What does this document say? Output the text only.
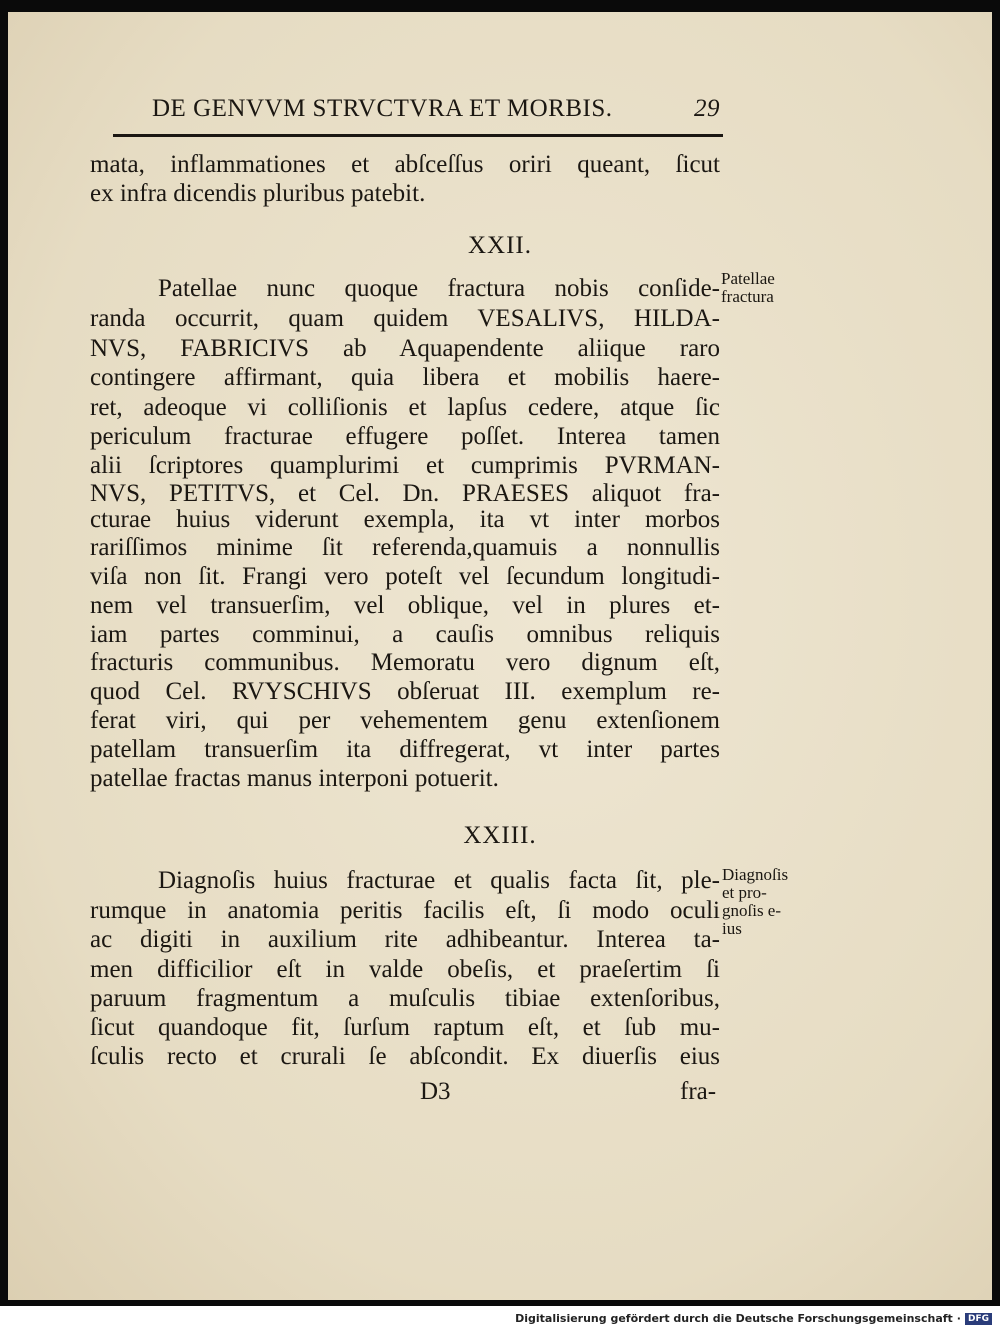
DE GENVVM STRVCTVRA ET MORBIS.	29
mata, inflammationes et abſceſſus oriri queant, ſicut
ex infra dicendis pluribus patebit.
XXII.
Patellae nunc quoque fractura nobis conſide-
randa occurrit, quam quidem VESALIVS, HILDA-
NVS, FABRICIVS ab Aquapendente aliique raro
contingere affirmant, quia libera et mobilis haere-
ret, adeoque vi colliſionis et lapſus cedere, atque ſic
periculum fracturae effugere poſſet. Interea tamen
alii ſcriptores quamplurimi et cumprimis PVRMAN-
NVS, PETITVS, et Cel. Dn. PRAESES aliquot fra-
cturae huius viderunt exempla, ita vt inter morbos
rariſſimos minime ſit referenda,quamuis a nonnullis
viſa non ſit. Frangi vero poteſt vel ſecundum longitudi-
nem vel transuerſim, vel oblique, vel in plures et-
iam partes comminui, a cauſis omnibus reliquis
fracturis communibus. Memoratu vero dignum eſt,
quod Cel. RVYSCHIVS obſeruat III. exemplum re-
ferat viri, qui per vehementem genu extenſionem
patellam transuerſim ita diffregerat, vt inter partes
patellae fractas manus interponi potuerit.
Patellae
fractura
XXIII.
Diagnoſis huius fracturae et qualis facta ſit, ple-
rumque in anatomia peritis facilis eſt, ſi modo oculi
ac digiti in auxilium rite adhibeantur. Interea ta-
men difficilior eſt in valde obeſis, et praeſertim ſi
paruum fragmentum a muſculis tibiae extenſoribus,
ſicut quandoque fit, ſurſum raptum eſt, et ſub mu-
ſculis recto et crurali ſe abſcondit. Ex diuerſis eius
Diagnoſis
et pro-
gnoſis e-
ius
D3	fra-
Digitalisierung gefördert durch die Deutsche Forschungsgemeinschaft · DFG
